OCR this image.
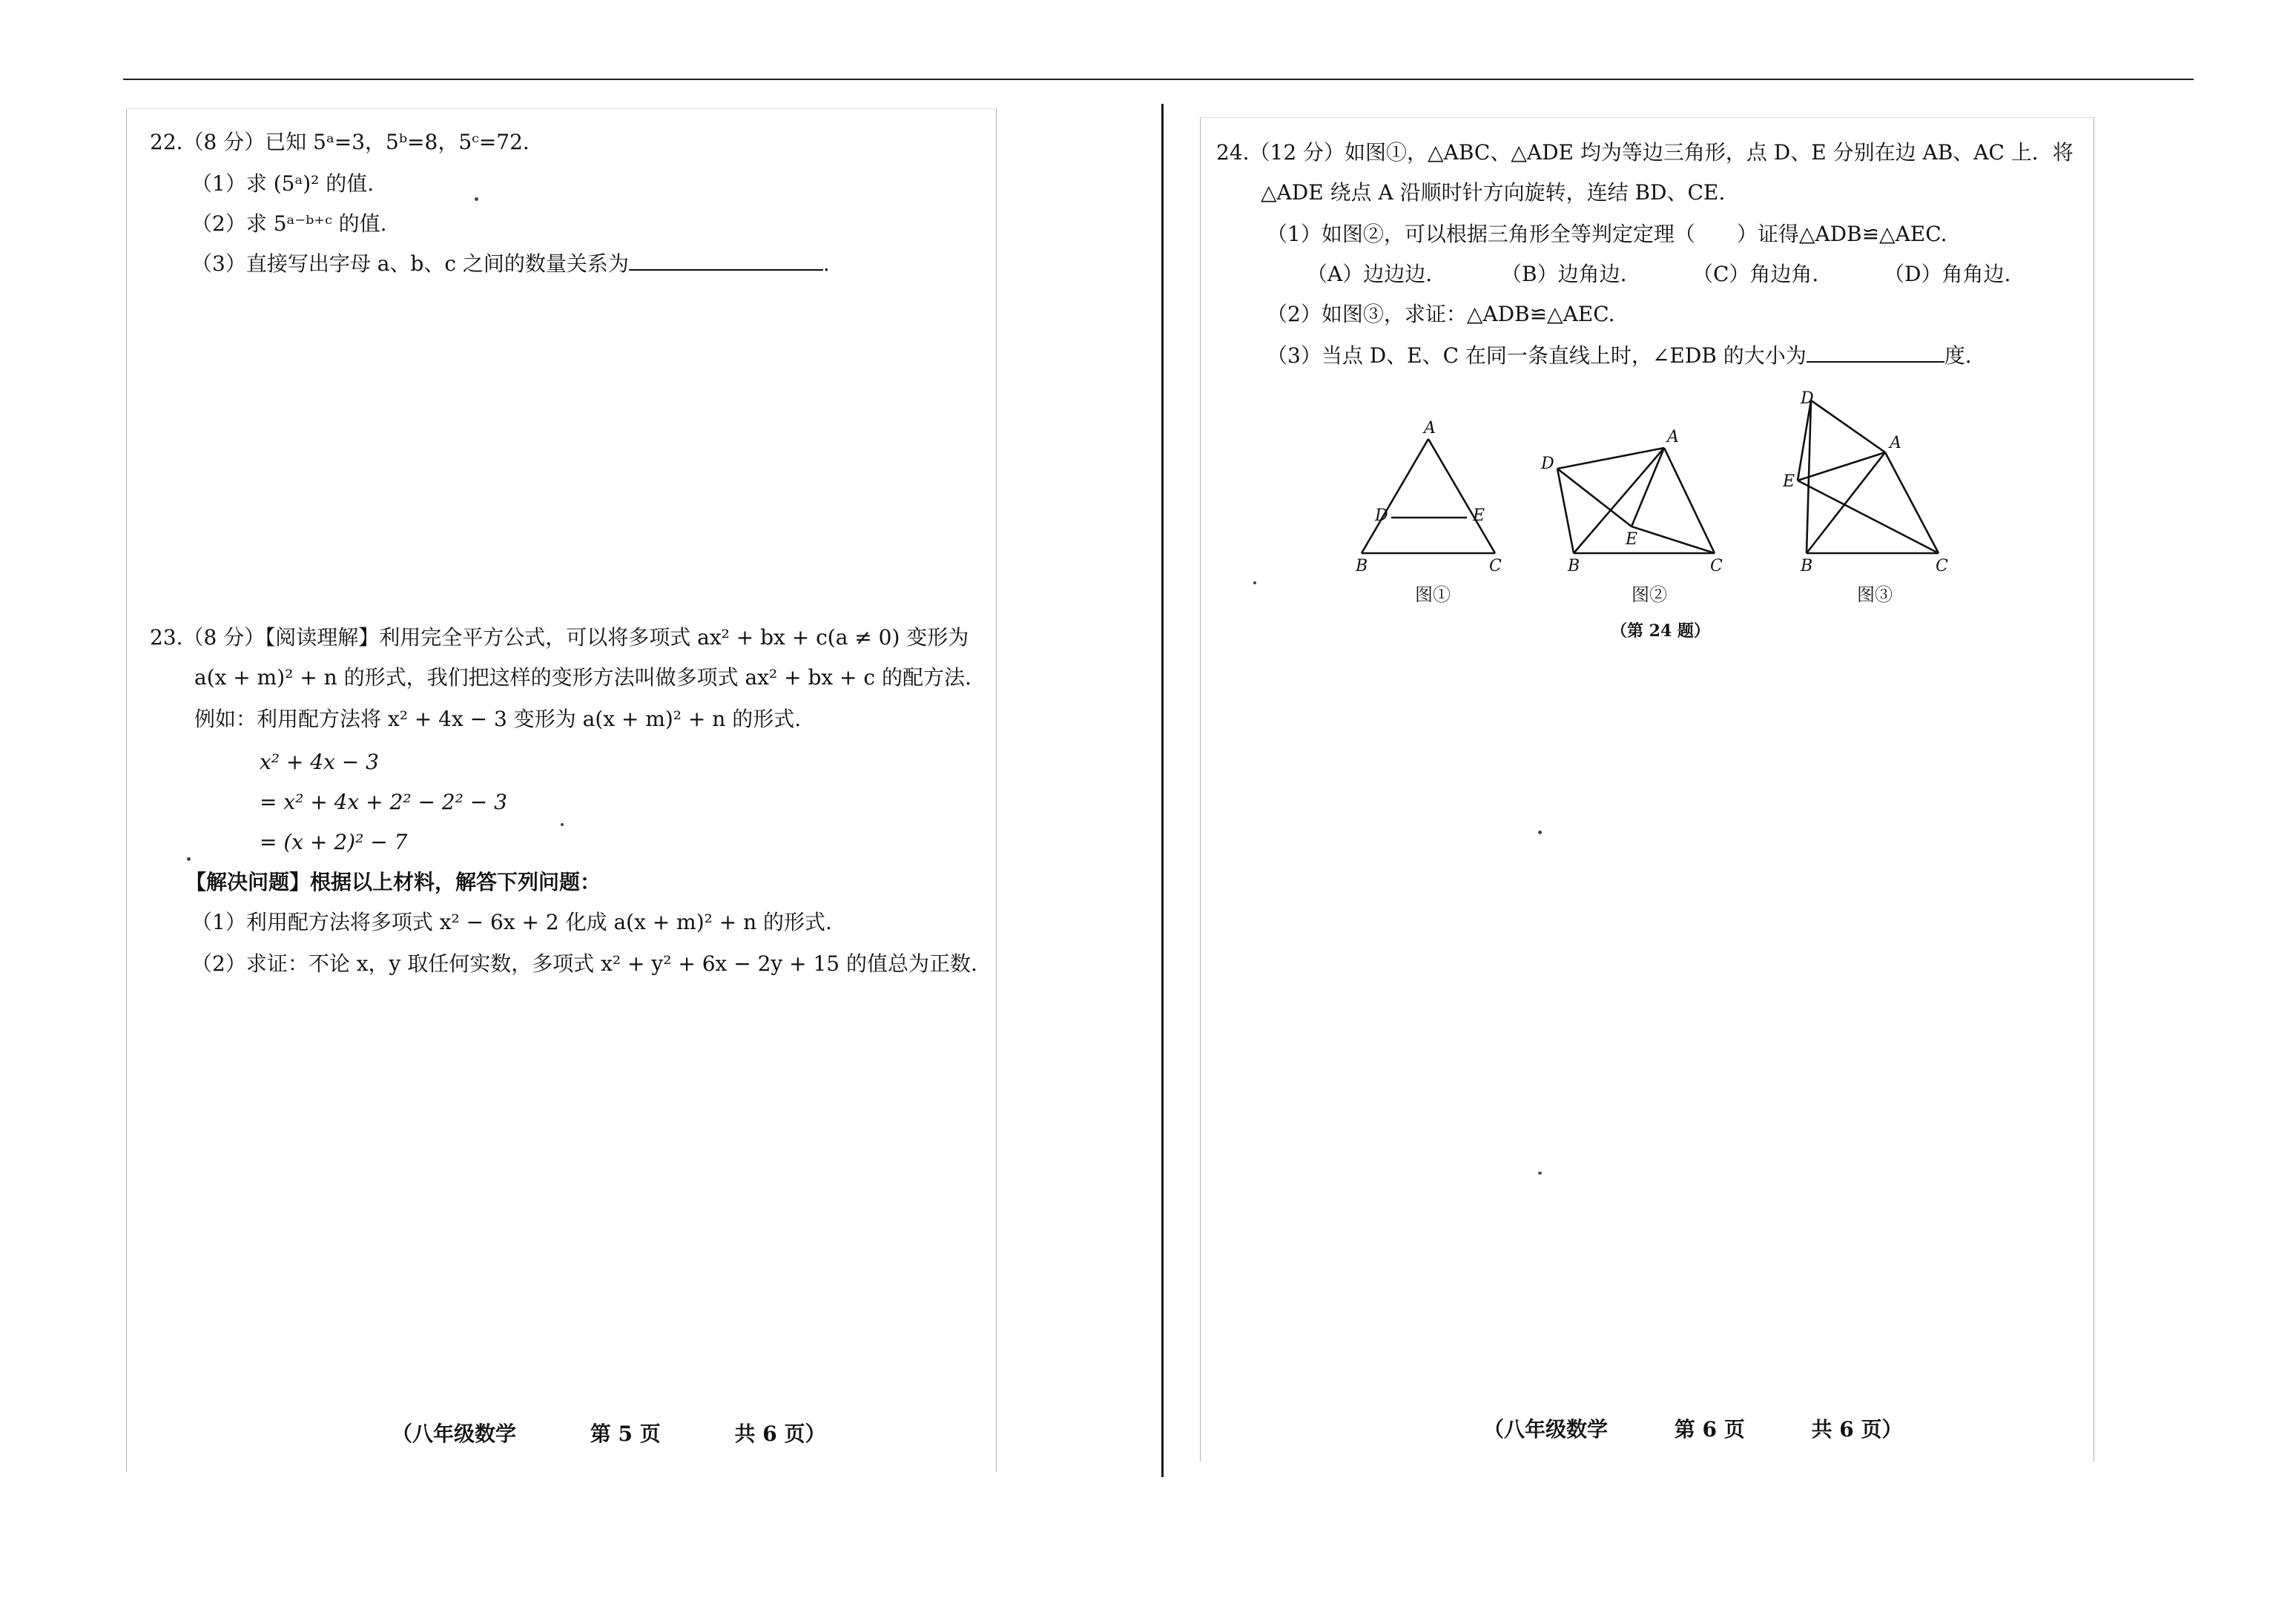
22.（8 分）已知 5ᵃ=3，5ᵇ=8，5ᶜ=72.
（1）求 (5ᵃ)² 的值.
（2）求 5ᵃ⁻ᵇ⁺ᶜ 的值.
（3）直接写出字母 a、b、c 之间的数量关系为	.
23.（8 分）【阅读理解】利用完全平方公式，可以将多项式 ax² + bx + c(a ≠ 0) 变形为
a(x + m)² + n 的形式，我们把这样的变形方法叫做多项式 ax² + bx + c 的配方法.
例如：利用配方法将 x² + 4x − 3 变形为 a(x + m)² + n 的形式.
x² + 4x − 3
= x² + 4x + 2² − 2² − 3
= (x + 2)² − 7
【解决问题】根据以上材料，解答下列问题：
（1）利用配方法将多项式 x² − 6x + 2 化成 a(x + m)² + n 的形式.
（2）求证：不论 x，y 取任何实数，多项式 x² + y² + 6x − 2y + 15 的值总为正数.
（八年级数学	第 5 页	共 6 页）
24.（12 分）如图①，△ABC、△ADE 均为等边三角形，点 D、E 分别在边 AB、AC 上．将
△ADE 绕点 A 沿顺时针方向旋转，连结 BD、CE.
（1）如图②，可以根据三角形全等判定定理（　　）证得△ADB≌△AEC.
（A）边边边.	（B）边角边.	（C）角边角.	（D）角角边.
（2）如图③，求证：△ADB≌△AEC.
（3）当点 D、E、C 在同一条直线上时，∠EDB 的大小为	度.
A
B	C
D	E
图①
A
B	C
D
E
图②
A
B	C
D
E
图③
（第 24 题）
（八年级数学	第 6 页	共 6 页）
